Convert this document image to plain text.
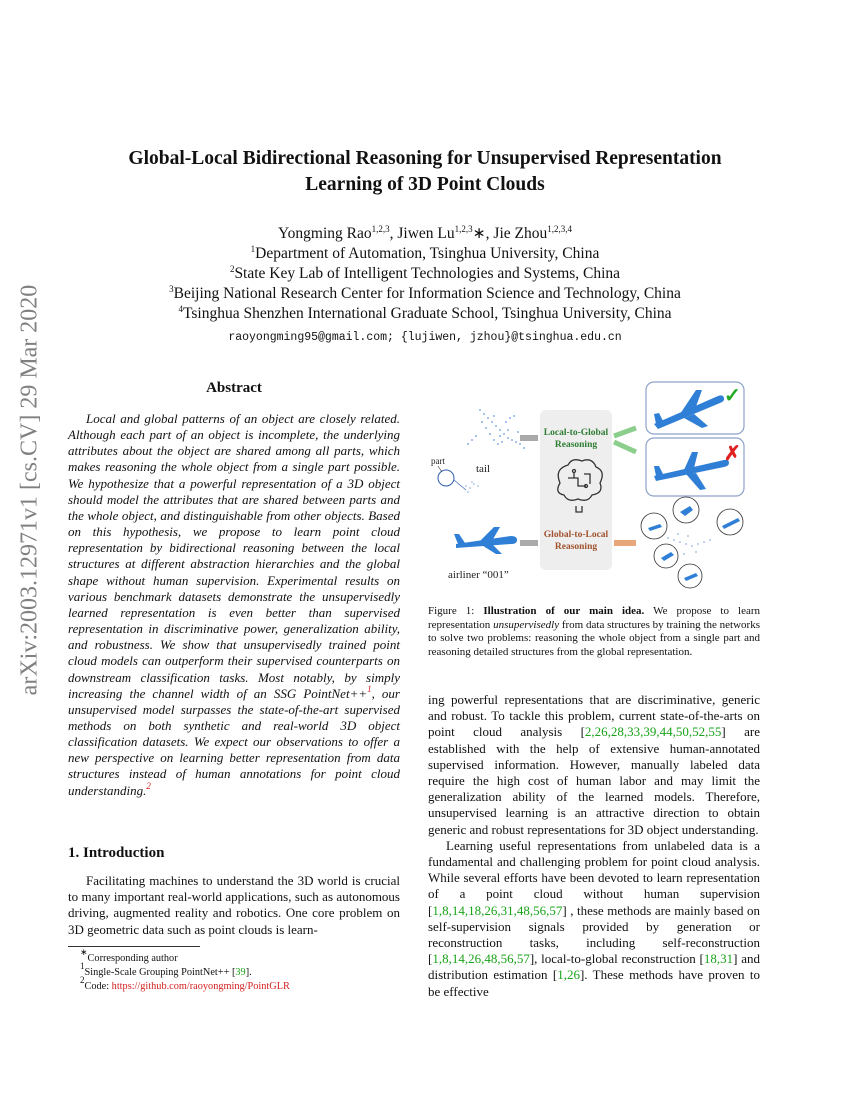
arXiv:2003.12971v1 [cs.CV] 29 Mar 2020
Global-Local Bidirectional Reasoning for Unsupervised Representation
Learning of 3D Point Clouds
Yongming Rao$^{1,2,3}$, Jiwen Lu$^{1,2,3}$∗, Jie Zhou$^{1,2,3,4}$
$^1$Department of Automation, Tsinghua University, China
$^2$State Key Lab of Intelligent Technologies and Systems, China
$^3$Beijing National Research Center for Information Science and Technology, China
$^4$Tsinghua Shenzhen International Graduate School, Tsinghua University, China
raoyongming95@gmail.com; {lujiwen, jzhou}@tsinghua.edu.cn
Abstract
Local and global patterns of an object are closely related. Although each part of an object is incomplete, the underlying attributes about the object are shared among all parts, which makes reasoning the whole object from a single part possible. We hypothesize that a powerful representation of a 3D object should model the attributes that are shared between parts and the whole object, and distinguishable from other objects. Based on this hypothesis, we propose to learn point cloud representation by bidirectional reasoning between the local structures at different abstraction hierarchies and the global shape without human supervision. Experimental results on various benchmark datasets demonstrate the unsupervisedly learned representation is even better than supervised representation in discriminative power, generalization ability, and robustness. We show that unsupervisedly trained point cloud models can outperform their supervised counterparts on downstream classification tasks. Most notably, by simply increasing the channel width of an SSG PointNet++$^1$, our unsupervised model surpasses the state-of-the-art supervised methods on both synthetic and real-world 3D object classification datasets. We expect our observations to offer a new perspective on learning better representation from data structures instead of human annotations for point cloud understanding.$^2$
1. Introduction
Facilitating machines to understand the 3D world is crucial to many important real-world applications, such as autonomous driving, augmented reality and robotics. One core problem on 3D geometric data such as point clouds is learn-
∗Corresponding author
$^1$Single-Scale Grouping PointNet++ [39].
$^2$Code: https://github.com/raoyongming/PointGLR
Local-to-Global
Reasoning
Global-to-Local
Reasoning
part
tail
airliner “001”
✓
✗
Figure 1: Illustration of our main idea. We propose to learn representation unsupervisedly from data structures by training the networks to solve two problems: reasoning the whole object from a single part and reasoning detailed structures from the global representation.

ing powerful representations that are discriminative, generic and robust. To tackle this problem, current state-of-the-arts on point cloud analysis [2,26,28,33,39,44,50,52,55] are established with the help of extensive human-annotated supervised information. However, manually labeled data require the high cost of human labor and may limit the generalization ability of the learned models. Therefore, unsupervised learning is an attractive direction to obtain generic and robust representations for 3D object understanding.

Learning useful representations from unlabeled data is a fundamental and challenging problem for point cloud analysis. While several efforts have been devoted to learn representation of a point cloud without human supervision [1,8,14,18,26,31,48,56,57] , these methods are mainly based on self-supervision signals provided by generation or reconstruction tasks, including self-reconstruction [1,8,14,26,48,56,57], local-to-global reconstruction [18,31] and distribution estimation [1,26]. These methods have proven to be effective
